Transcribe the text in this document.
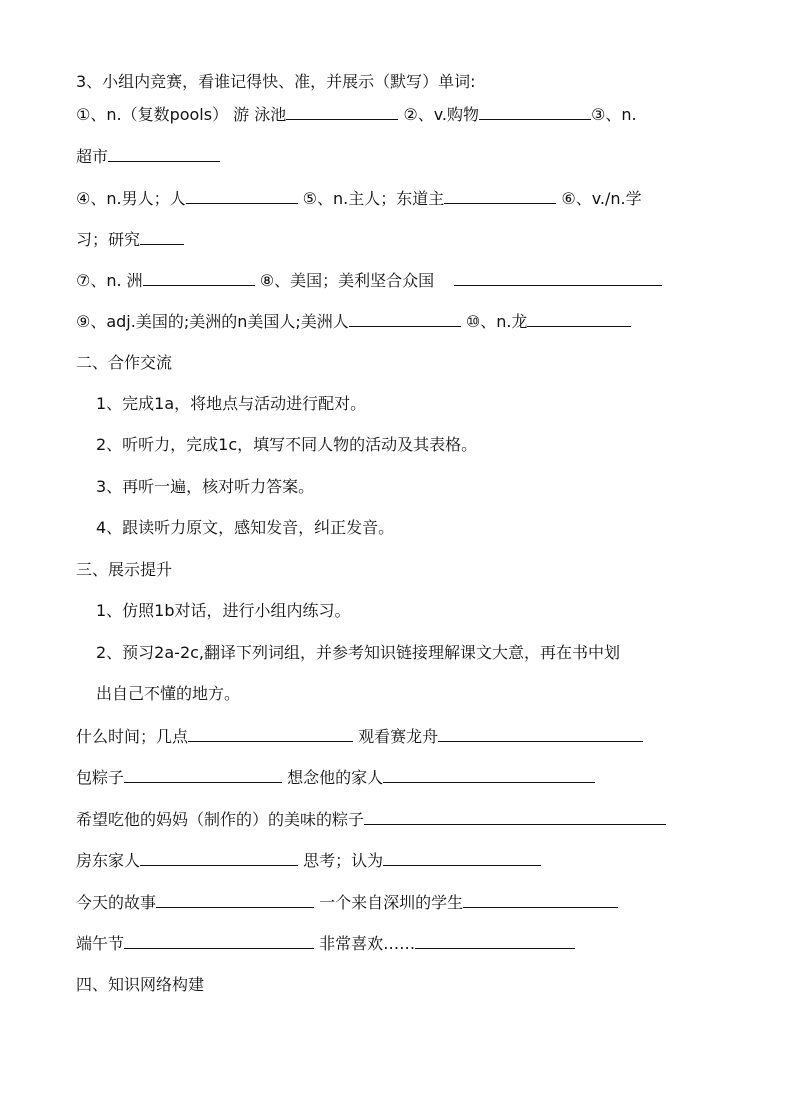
3、小组内竞赛，看谁记得快、准，并展示（默写）单词:
①、n.（复数pools） 游 泳池	②、v.购物	③、n.
超市
④、n.男人；人	⑤、n.主人；东道主	⑥、v./n.学
习；研究
⑦、n. 洲	⑧、美国；美利坚合众国
⑨、adj.美国的;美洲的n美国人;美洲人	⑩、n.龙
二、合作交流
1、完成1a，将地点与活动进行配对。
2、听听力，完成1c，填写不同人物的活动及其表格。
3、再听一遍，核对听力答案。
4、跟读听力原文，感知发音，纠正发音。
三、展示提升
1、仿照1b对话，进行小组内练习。
2、预习2a-2c,翻译下列词组，并参考知识链接理解课文大意，再在书中划
出自己不懂的地方。
什么时间；几点	观看赛龙舟
包粽子	想念他的家人
希望吃他的妈妈（制作的）的美味的粽子
房东家人	思考；认为
今天的故事	一个来自深圳的学生
端午节	非常喜欢……
四、知识网络构建
